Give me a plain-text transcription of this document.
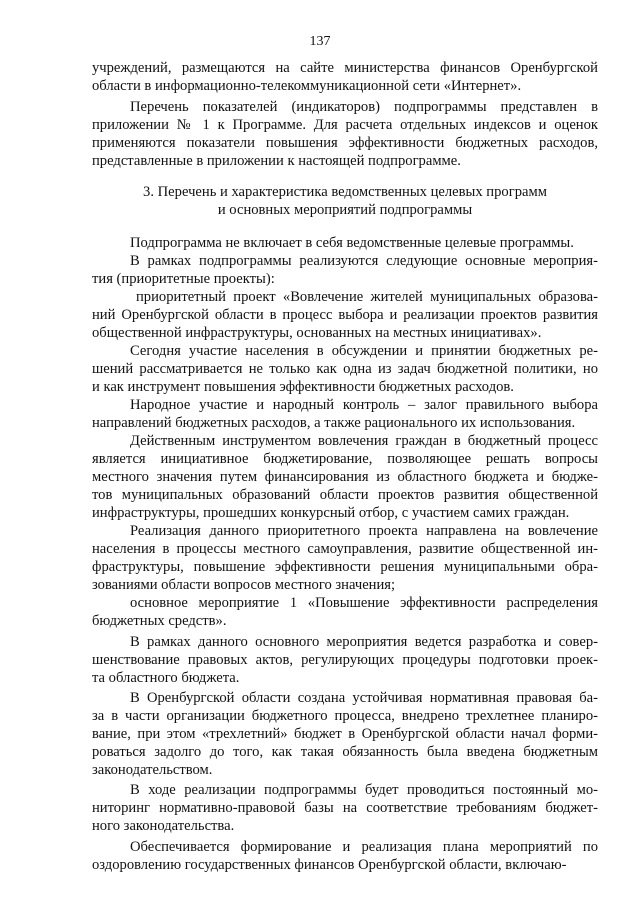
137
учреждений, размещаются на сайте министерства финансов Оренбургской
области в информационно-телекоммуникационной сети «Интернет».
Перечень показателей (индикаторов) подпрограммы представлен в
приложении № 1 к Программе. Для расчета отдельных индексов и оценок
применяются показатели повышения эффективности бюджетных расходов,
представленные в приложении к настоящей подпрограмме.
3. Перечень и характеристика ведомственных целевых программ
и основных мероприятий подпрограммы
Подпрограмма не включает в себя ведомственные целевые программы.
В рамках подпрограммы реализуются следующие основные мероприя-
тия (приоритетные проекты):
приоритетный проект «Вовлечение жителей муниципальных образова-
ний Оренбургской области в процесс выбора и реализации проектов развития
общественной инфраструктуры, основанных на местных инициативах».
Сегодня участие населения в обсуждении и принятии бюджетных ре-
шений рассматривается не только как одна из задач бюджетной политики, но
и как инструмент повышения эффективности бюджетных расходов.
Народное участие и народный контроль – залог правильного выбора
направлений бюджетных расходов, а также рационального их использования.
Действенным инструментом вовлечения граждан в бюджетный процесс
является инициативное бюджетирование, позволяющее решать вопросы
местного значения путем финансирования из областного бюджета и бюдже-
тов муниципальных образований области проектов развития общественной
инфраструктуры, прошедших конкурсный отбор, с участием самих граждан.
Реализация данного приоритетного проекта направлена на вовлечение
населения в процессы местного самоуправления, развитие общественной ин-
фраструктуры, повышение эффективности решения муниципальными обра-
зованиями области вопросов местного значения;
основное мероприятие 1 «Повышение эффективности распределения
бюджетных средств».
В рамках данного основного мероприятия ведется разработка и совер-
шенствование правовых актов, регулирующих процедуры подготовки проек-
та областного бюджета.
В Оренбургской области создана устойчивая нормативная правовая ба-
за в части организации бюджетного процесса, внедрено трехлетнее планиро-
вание, при этом «трехлетний» бюджет в Оренбургской области начал форми-
роваться задолго до того, как такая обязанность была введена бюджетным
законодательством.
В ходе реализации подпрограммы будет проводиться постоянный мо-
ниторинг нормативно-правовой базы на соответствие требованиям бюджет-
ного законодательства.
Обеспечивается формирование и реализация плана мероприятий по
оздоровлению государственных финансов Оренбургской области, включаю-
